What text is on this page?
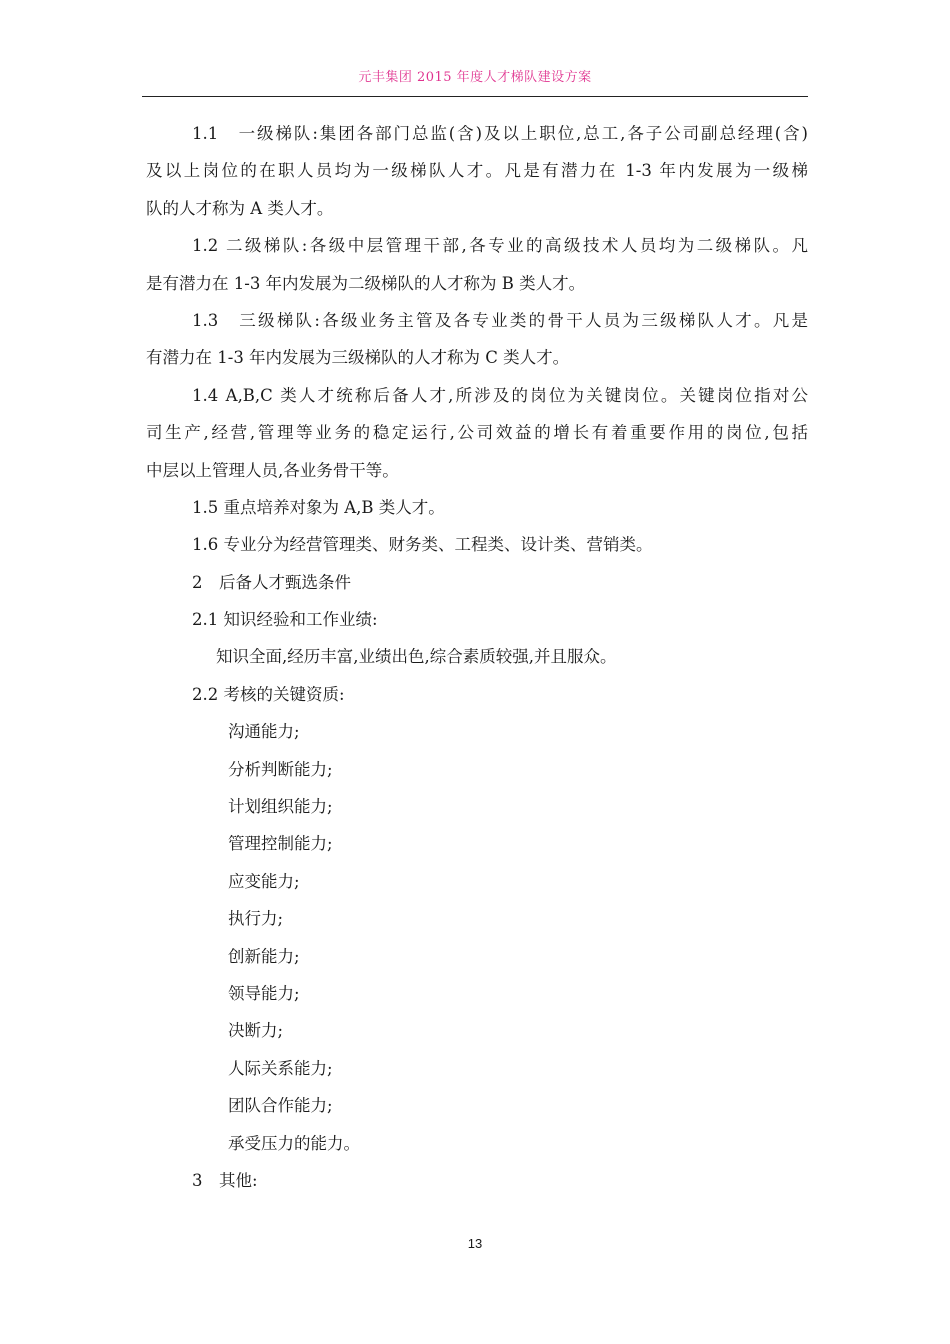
元丰集团 2015 年度人才梯队建设方案
1.1　一级梯队:集团各部门总监(含)及以上职位,总工,各子公司副总经理(含)
及以上岗位的在职人员均为一级梯队人才。凡是有潜力在 1-3 年内发展为一级梯
队的人才称为 A 类人才。
1.2 二级梯队:各级中层管理干部,各专业的高级技术人员均为二级梯队。凡
是有潜力在 1-3 年内发展为二级梯队的人才称为 B 类人才。
1.3　三级梯队:各级业务主管及各专业类的骨干人员为三级梯队人才。凡是
有潜力在 1-3 年内发展为三级梯队的人才称为 C 类人才。
1.4 A,B,C 类人才统称后备人才,所涉及的岗位为关键岗位。关键岗位指对公
司生产,经营,管理等业务的稳定运行,公司效益的增长有着重要作用的岗位,包括
中层以上管理人员,各业务骨干等。
1.5 重点培养对象为 A,B 类人才。
1.6 专业分为经营管理类、财务类、工程类、设计类、营销类。
2　后备人才甄选条件
2.1 知识经验和工作业绩:
知识全面,经历丰富,业绩出色,综合素质较强,并且服众。
2.2 考核的关键资质:
沟通能力;
分析判断能力;
计划组织能力;
管理控制能力;
应变能力;
执行力;
创新能力;
领导能力;
决断力;
人际关系能力;
团队合作能力;
承受压力的能力。
3　其他:
13
